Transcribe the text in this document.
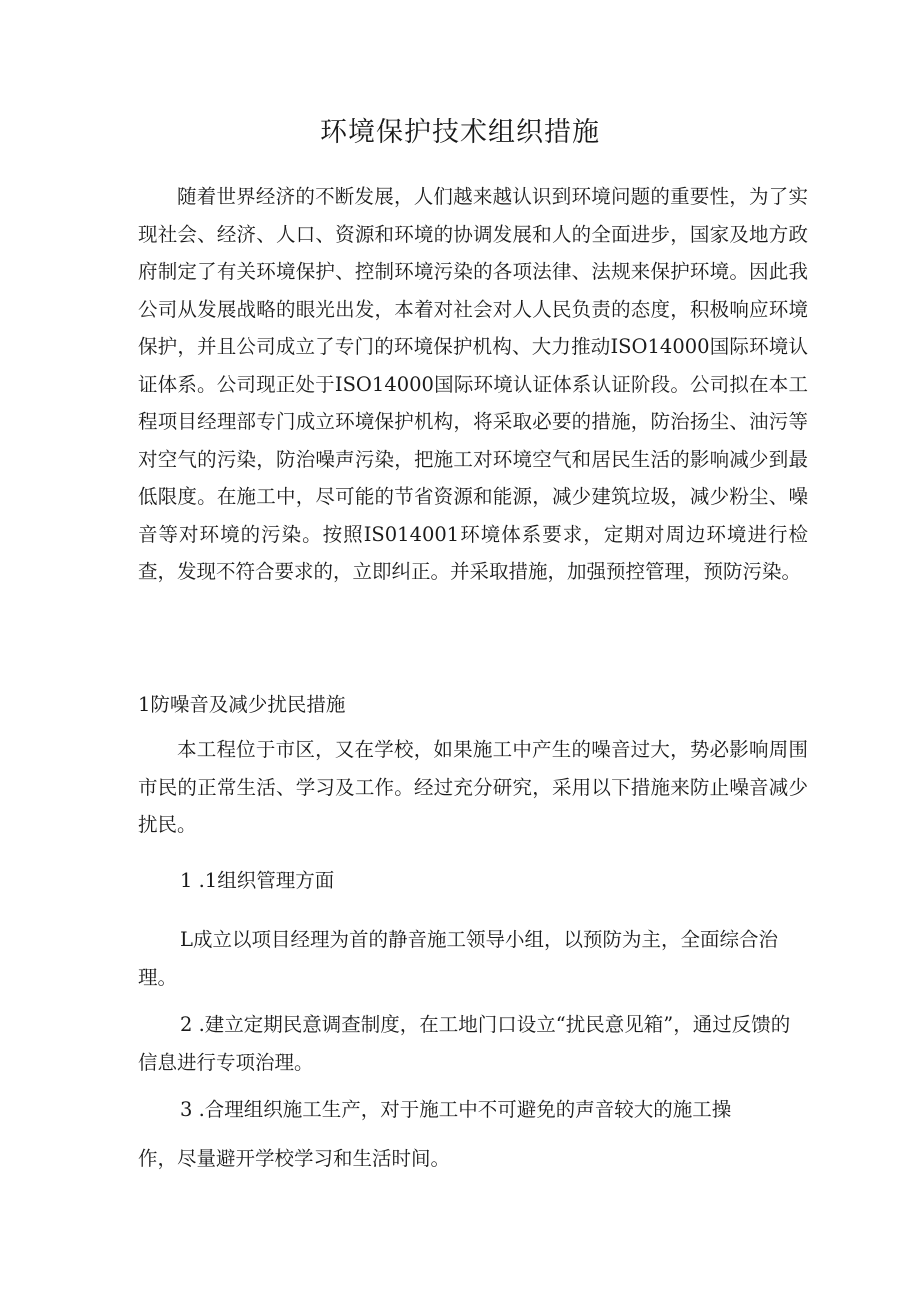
环境保护技术组织措施
随着世界经济的不断发展，人们越来越认识到环境问题的重要性，为了实现社会、经济、人口、资源和环境的协调发展和人的全面进步，国家及地方政府制定了有关环境保护、控制环境污染的各项法律、法规来保护环境。因此我公司从发展战略的眼光出发，本着对社会对人人民负责的态度，积极响应环境保护，并且公司成立了专门的环境保护机构、大力推动ISO14000国际环境认证体系。公司现正处于ISO14000国际环境认证体系认证阶段。公司拟在本工程项目经理部专门成立环境保护机构，将采取必要的措施，防治扬尘、油污等对空气的污染，防治噪声污染，把施工对环境空气和居民生活的影响减少到最低限度。在施工中，尽可能的节省资源和能源，减少建筑垃圾，减少粉尘、噪音等对环境的污染。按照IS014001环境体系要求，定期对周边环境进行检查，发现不符合要求的，立即纠正。并采取措施，加强预控管理，预防污染。
1防噪音及减少扰民措施
本工程位于市区，又在学校，如果施工中产生的噪音过大，势必影响周围市民的正常生活、学习及工作。经过充分研究，采用以下措施来防止噪音减少扰民。
1 .1组织管理方面
L成立以项目经理为首的静音施工领导小组，以预防为主，全面综合治理。
2 .建立定期民意调查制度，在工地门口设立“扰民意见箱”，通过反馈的信息进行专项治理。
3 .合理组织施工生产，对于施工中不可避免的声音较大的施工操
作，尽量避开学校学习和生活时间。
